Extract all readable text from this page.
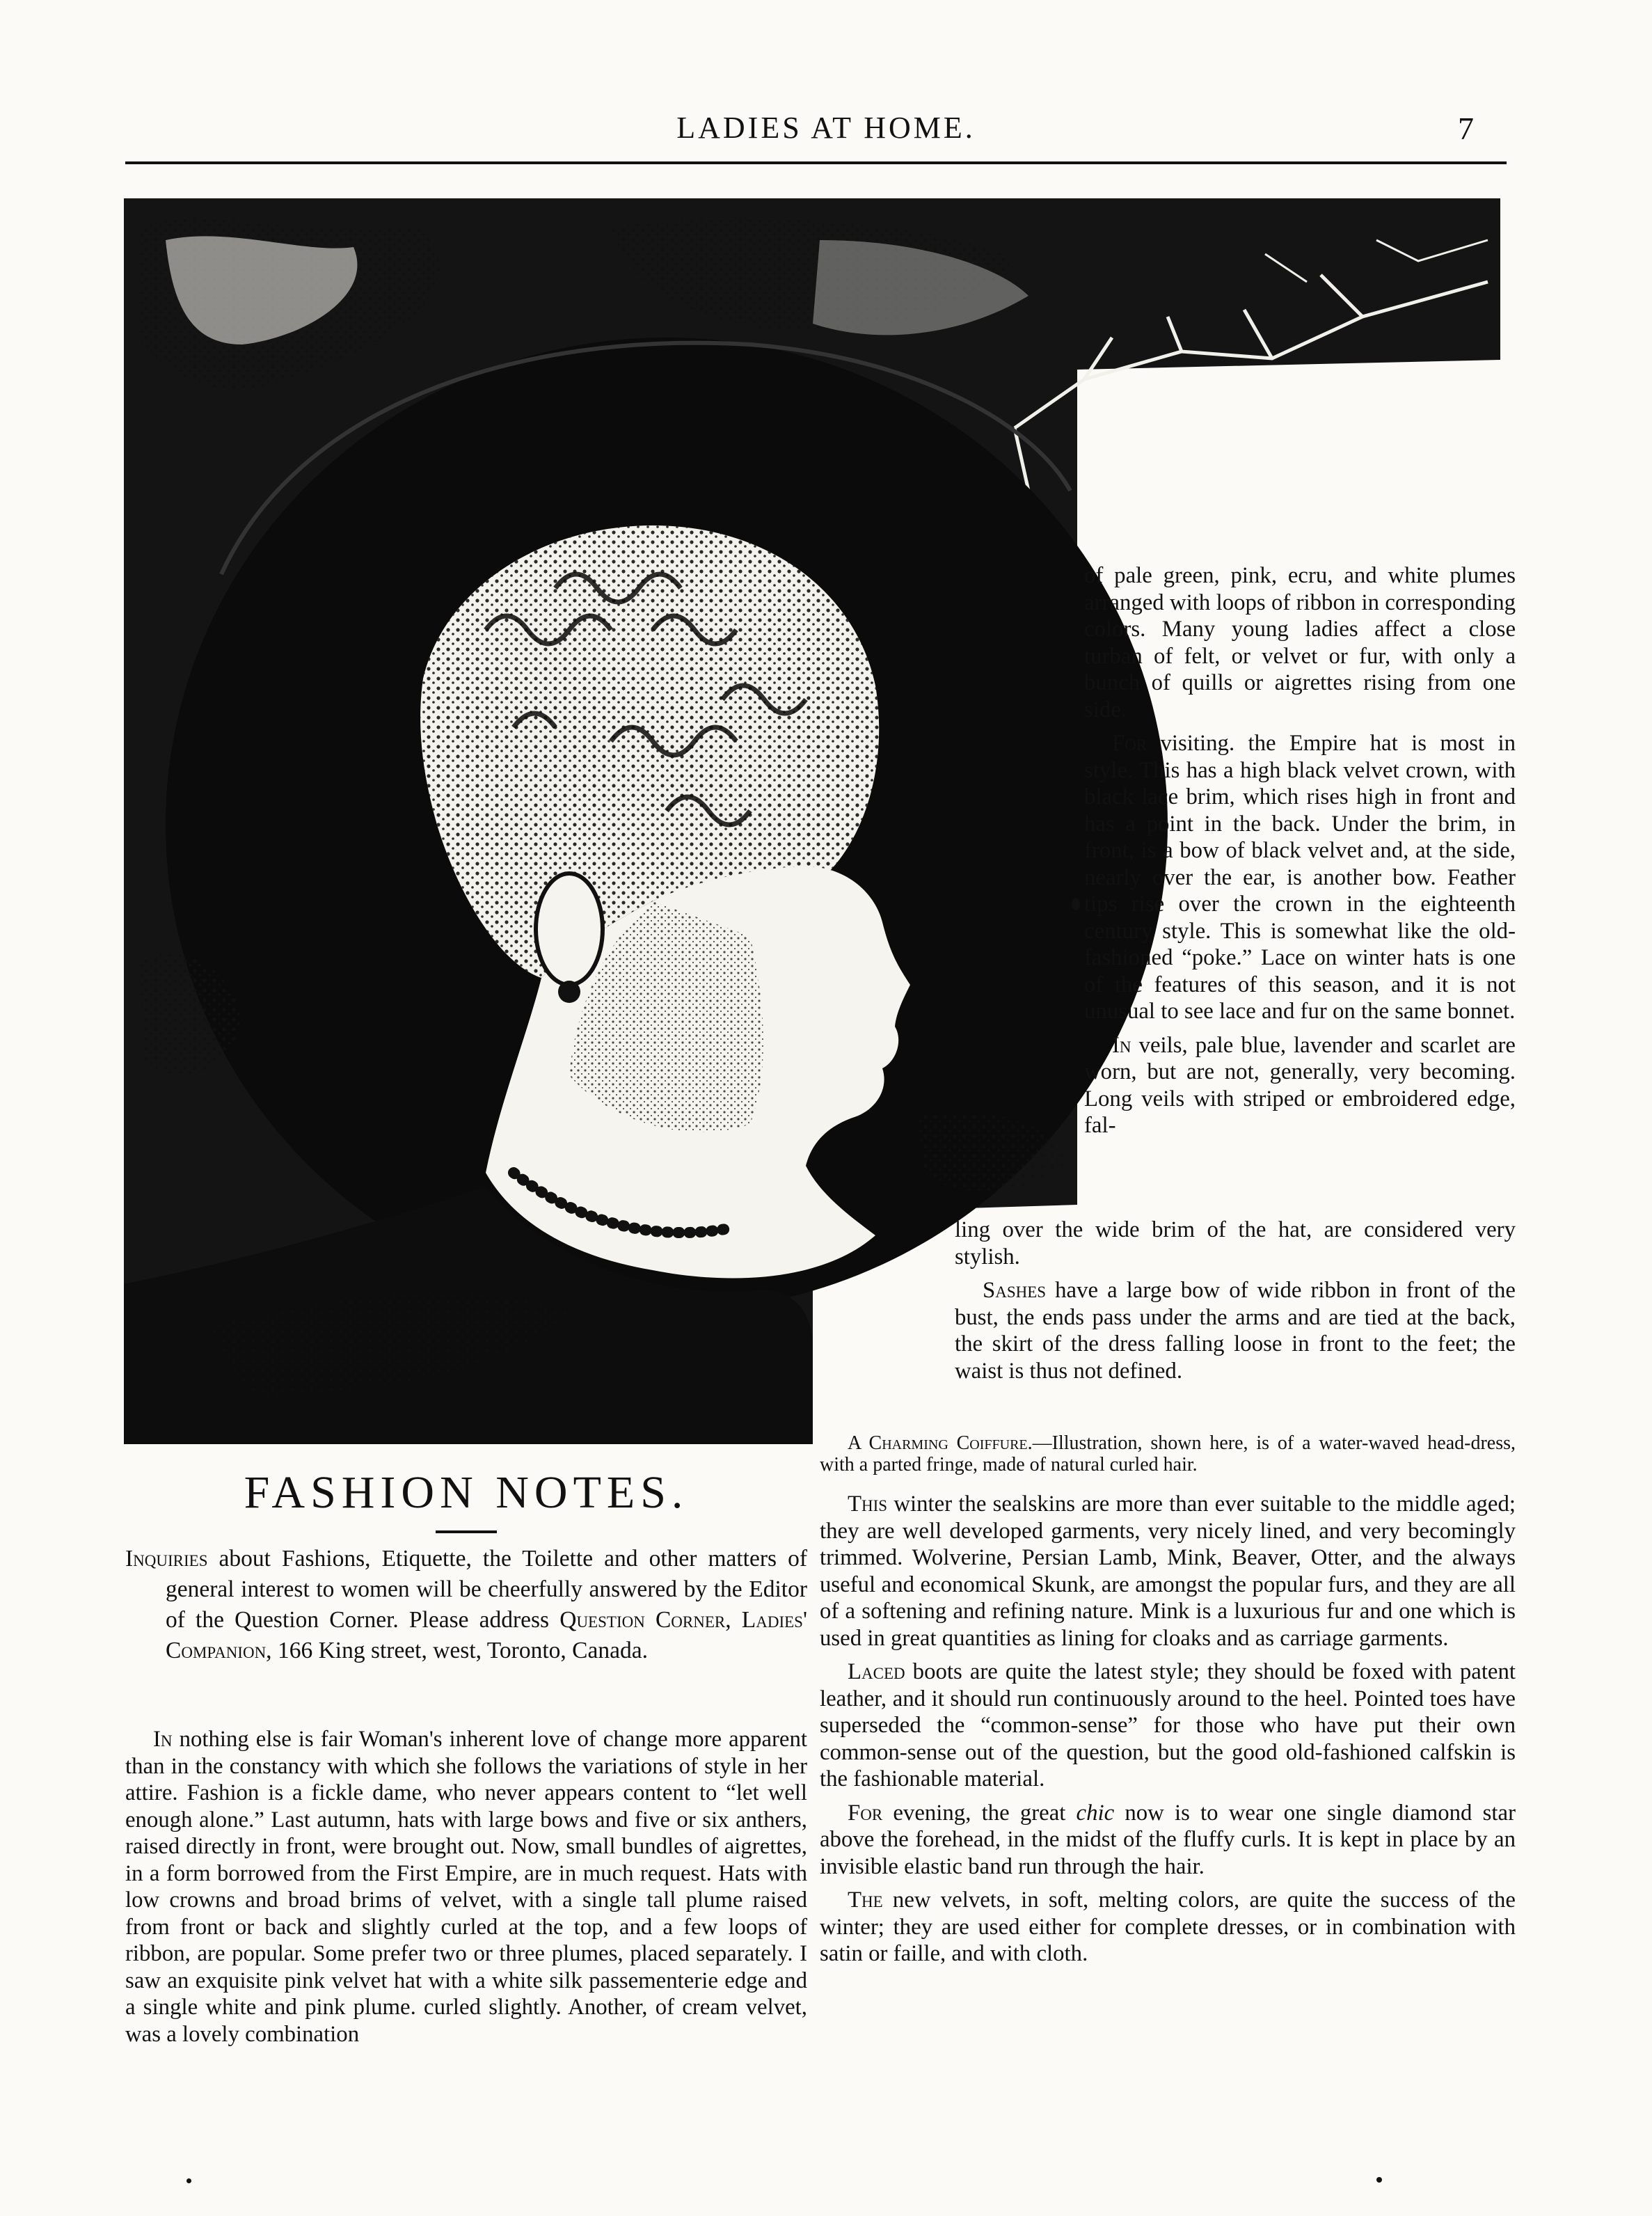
LADIES AT HOME.	7

of pale green, pink, ecru, and white plumes arranged with loops of ribbon in corresponding colors. Many young ladies affect a close turban of felt, or velvet or fur, with only a bunch of quills or aigrettes rising from one side.

For visiting. the Empire hat is most in style. This has a high black velvet crown, with black lace brim, which rises high in front and has a point in the back. Under the brim, in front, is a bow of black velvet and, at the side, nearly over the ear, is another bow. Feather tips rise over the crown in the eighteenth century style. This is somewhat like the old-fashioned “poke.” Lace on winter hats is one of the features of this season, and it is not unusual to see lace and fur on the same bonnet.

In veils, pale blue, lavender and scarlet are worn, but are not, generally, very becoming. Long veils with striped or embroidered edge, fal-

ling over the wide brim of the hat, are considered very stylish.

Sashes have a large bow of wide ribbon in front of the bust, the ends pass under the arms and are tied at the back, the skirt of the dress falling loose in front to the feet; the waist is thus not defined.

A Charming Coiffure.—Illustration, shown here, is of a water-waved head-dress, with a parted fringe, made of natural curled hair.

This winter the sealskins are more than ever suitable to the middle aged; they are well developed garments, very nicely lined, and very becomingly trimmed. Wolverine, Persian Lamb, Mink, Beaver, Otter, and the always useful and economical Skunk, are amongst the popular furs, and they are all of a softening and refining nature. Mink is a luxurious fur and one which is used in great quantities as lining for cloaks and as carriage garments.

Laced boots are quite the latest style; they should be foxed with patent leather, and it should run continuously around to the heel. Pointed toes have superseded the “common-sense” for those who have put their own common-sense out of the question, but the good old-fashioned calfskin is the fashionable material.

For evening, the great chic now is to wear one single diamond star above the forehead, in the midst of the fluffy curls. It is kept in place by an invisible elastic band run through the hair.

The new velvets, in soft, melting colors, are quite the success of the winter; they are used either for complete dresses, or in combination with satin or faille, and with cloth.

FASHION NOTES.

Inquiries about Fashions, Etiquette, the Toilette and other matters of general interest to women will be cheerfully answered by the Editor of the Question Corner. Please address Question Corner, Ladies' Companion, 166 King street, west, Toronto, Canada.

In nothing else is fair Woman's inherent love of change more apparent than in the constancy with which she follows the variations of style in her attire. Fashion is a fickle dame, who never appears content to “let well enough alone.” Last autumn, hats with large bows and five or six anthers, raised directly in front, were brought out. Now, small bundles of aigrettes, in a form borrowed from the First Empire, are in much request. Hats with low crowns and broad brims of velvet, with a single tall plume raised from front or back and slightly curled at the top, and a few loops of ribbon, are popular. Some prefer two or three plumes, placed separately. I saw an exquisite pink velvet hat with a white silk passementerie edge and a single white and pink plume. curled slightly. Another, of cream velvet, was a lovely combination
